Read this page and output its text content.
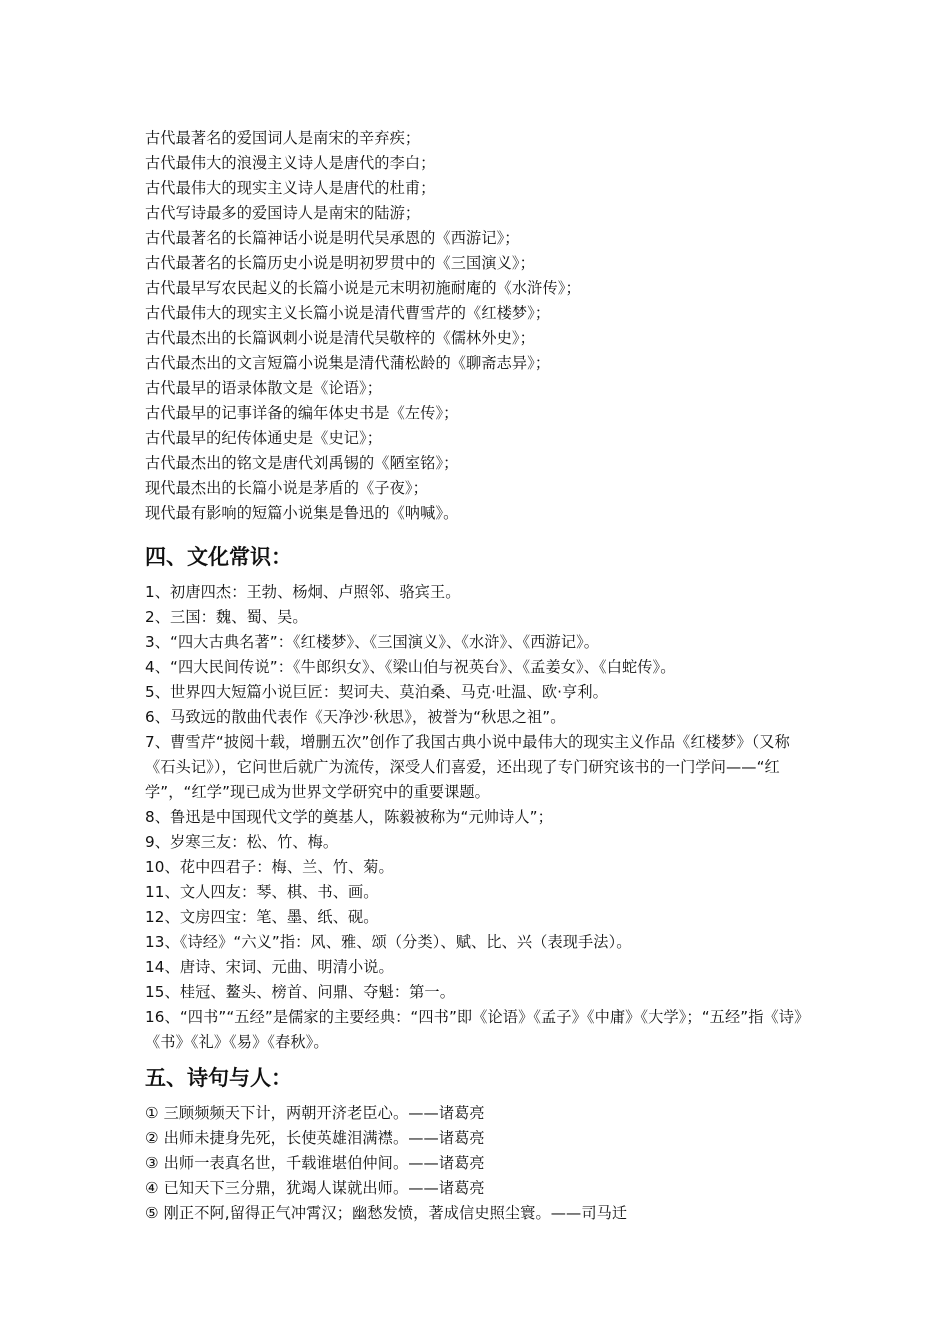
古代最著名的爱国词人是南宋的辛弃疾；
古代最伟大的浪漫主义诗人是唐代的李白；
古代最伟大的现实主义诗人是唐代的杜甫；
古代写诗最多的爱国诗人是南宋的陆游；
古代最著名的长篇神话小说是明代吴承恩的《西游记》；
古代最著名的长篇历史小说是明初罗贯中的《三国演义》；
古代最早写农民起义的长篇小说是元末明初施耐庵的《水浒传》；
古代最伟大的现实主义长篇小说是清代曹雪芹的《红楼梦》；
古代最杰出的长篇讽刺小说是清代吴敬梓的《儒林外史》；
古代最杰出的文言短篇小说集是清代蒲松龄的《聊斋志异》；
古代最早的语录体散文是《论语》；
古代最早的记事详备的编年体史书是《左传》；
古代最早的纪传体通史是《史记》；
古代最杰出的铭文是唐代刘禹锡的《陋室铭》；
现代最杰出的长篇小说是茅盾的《子夜》；
现代最有影响的短篇小说集是鲁迅的《呐喊》。
四、文化常识：
1、初唐四杰：王勃、杨炯、卢照邻、骆宾王。
2、三国：魏、蜀、吴。
3、“四大古典名著”：《红楼梦》、《三国演义》、《水浒》、《西游记》。
4、“四大民间传说”：《牛郎织女》、《梁山伯与祝英台》、《孟姜女》、《白蛇传》。
5、世界四大短篇小说巨匠：契诃夫、莫泊桑、马克·吐温、欧·亨利。
6、马致远的散曲代表作《天净沙·秋思》，被誉为“秋思之祖”。
7、曹雪芹“披阅十载，增删五次”创作了我国古典小说中最伟大的现实主义作品《红楼梦》（又称《石头记》），它问世后就广为流传，深受人们喜爱，还出现了专门研究该书的一门学问——“红学”，“红学”现已成为世界文学研究中的重要课题。
8、鲁迅是中国现代文学的奠基人，陈毅被称为“元帅诗人”；
9、岁寒三友：松、竹、梅。
10、花中四君子：梅、兰、竹、菊。
11、文人四友：琴、棋、书、画。
12、文房四宝：笔、墨、纸、砚。
13、《诗经》“六义”指：风、雅、颂（分类）、赋、比、兴（表现手法）。
14、唐诗、宋词、元曲、明清小说。
15、桂冠、鳌头、榜首、问鼎、夺魁：第一。
16、“四书”“五经”是儒家的主要经典：“四书”即《论语》《孟子》《中庸》《大学》；“五经”指《诗》《书》《礼》《易》《春秋》。
五、诗句与人：
① 三顾频频天下计，两朝开济老臣心。——诸葛亮
② 出师未捷身先死，长使英雄泪满襟。——诸葛亮
③ 出师一表真名世，千载谁堪伯仲间。——诸葛亮
④ 已知天下三分鼎，犹竭人谋就出师。——诸葛亮
⑤ 刚正不阿,留得正气冲霄汉；幽愁发愤，著成信史照尘寰。——司马迁
